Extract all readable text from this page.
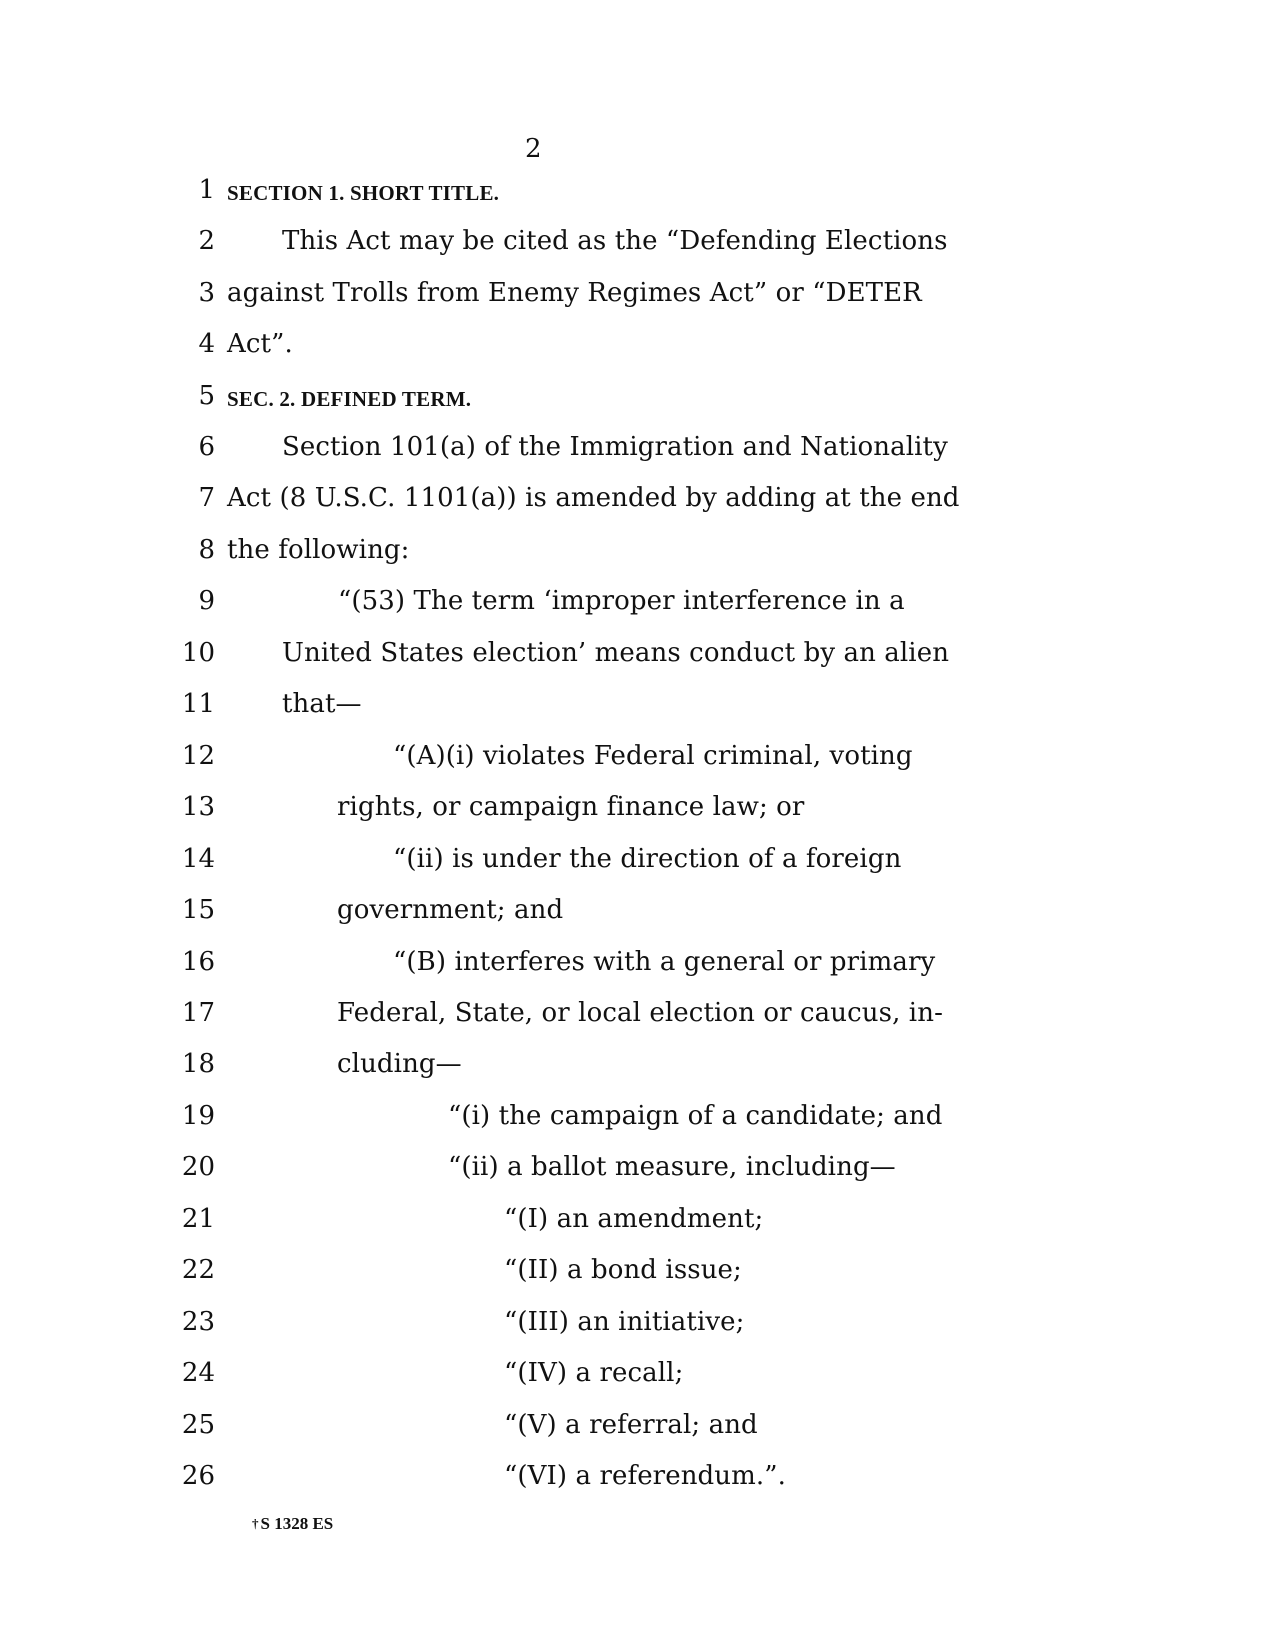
2
1 SECTION 1. SHORT TITLE.
2	This Act may be cited as the “Defending Elections
3 against Trolls from Enemy Regimes Act” or “DETER
4 Act”.
5 SEC. 2. DEFINED TERM.
6	Section 101(a) of the Immigration and Nationality
7 Act (8 U.S.C. 1101(a)) is amended by adding at the end
8 the following:
9	“(53) The term ‘improper interference in a
10	United States election’ means conduct by an alien
11	that—
12	“(A)(i) violates Federal criminal, voting
13	rights, or campaign finance law; or
14	“(ii) is under the direction of a foreign
15	government; and
16	“(B) interferes with a general or primary
17	Federal, State, or local election or caucus, in-
18	cluding—
19	“(i) the campaign of a candidate; and
20	“(ii) a ballot measure, including—
21	“(I) an amendment;
22	“(II) a bond issue;
23	“(III) an initiative;
24	“(IV) a recall;
25	“(V) a referral; and
26	“(VI) a referendum.”.
† S 1328 ES
